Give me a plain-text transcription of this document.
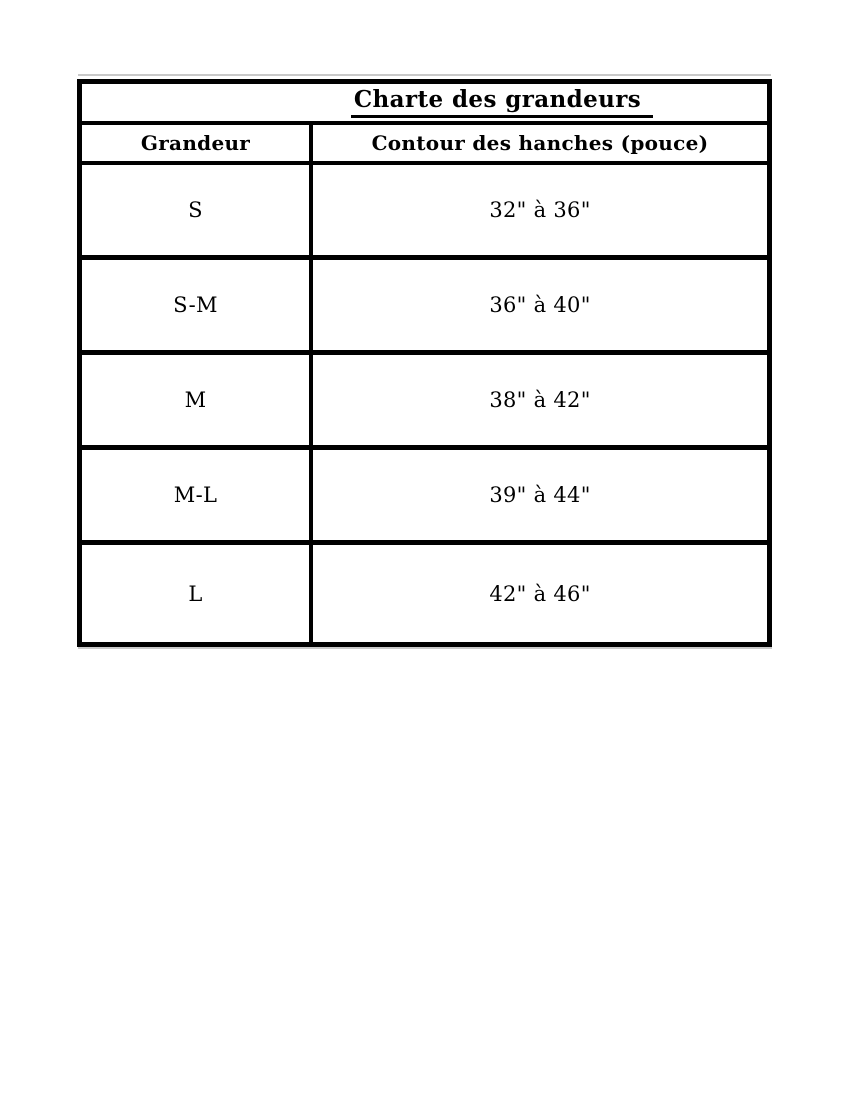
Charte des grandeurs
Grandeur	Contour des hanches (pouce)
S	32" à 36"
S-M	36" à 40"
M	38" à 42"
M-L	39" à 44"
L	42" à 46"
